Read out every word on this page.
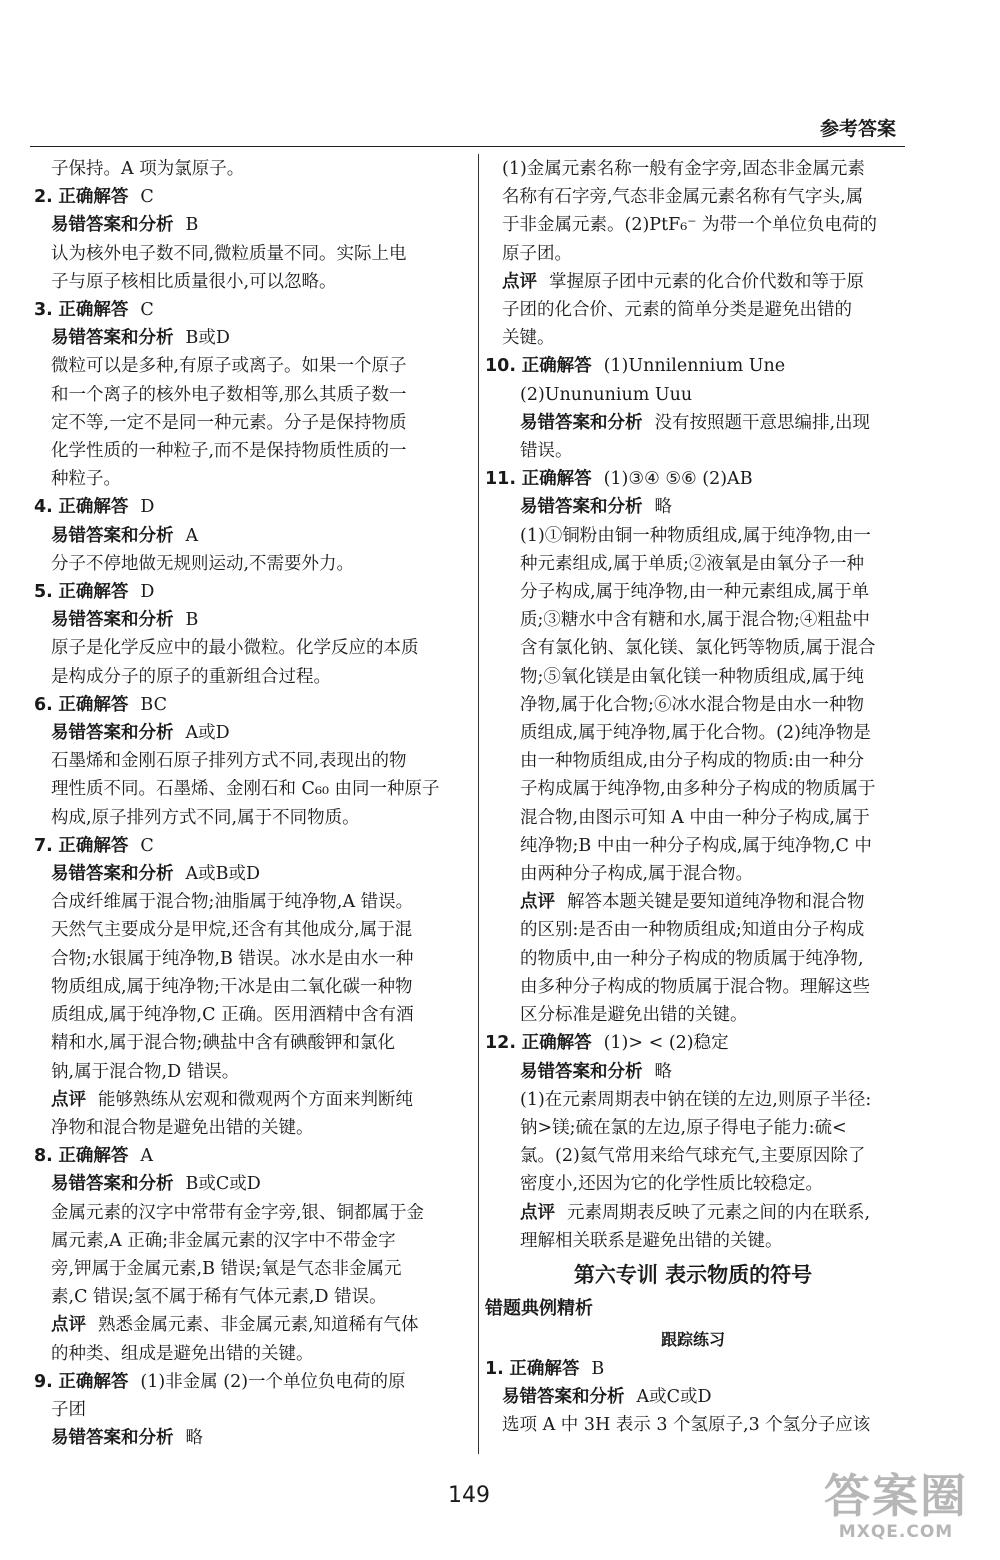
参考答案
子保持。A 项为氯原子。
2. 正确解答 C
易错答案和分析 B
认为核外电子数不同,微粒质量不同。实际上电
子与原子核相比质量很小,可以忽略。
3. 正确解答 C
易错答案和分析 B或D
微粒可以是多种,有原子或离子。如果一个原子
和一个离子的核外电子数相等,那么其质子数一
定不等,一定不是同一种元素。分子是保持物质
化学性质的一种粒子,而不是保持物质性质的一
种粒子。
4. 正确解答 D
易错答案和分析 A
分子不停地做无规则运动,不需要外力。
5. 正确解答 D
易错答案和分析 B
原子是化学反应中的最小微粒。化学反应的本质
是构成分子的原子的重新组合过程。
6. 正确解答 BC
易错答案和分析 A或D
石墨烯和金刚石原子排列方式不同,表现出的物
理性质不同。石墨烯、金刚石和 C₆₀ 由同一种原子
构成,原子排列方式不同,属于不同物质。
7. 正确解答 C
易错答案和分析 A或B或D
合成纤维属于混合物;油脂属于纯净物,A 错误。
天然气主要成分是甲烷,还含有其他成分,属于混
合物;水银属于纯净物,B 错误。冰水是由水一种
物质组成,属于纯净物;干冰是由二氧化碳一种物
质组成,属于纯净物,C 正确。医用酒精中含有酒
精和水,属于混合物;碘盐中含有碘酸钾和氯化
钠,属于混合物,D 错误。
点评 能够熟练从宏观和微观两个方面来判断纯
净物和混合物是避免出错的关键。
8. 正确解答 A
易错答案和分析 B或C或D
金属元素的汉字中常带有金字旁,银、铜都属于金
属元素,A 正确;非金属元素的汉字中不带金字
旁,钾属于金属元素,B 错误;氧是气态非金属元
素,C 错误;氢不属于稀有气体元素,D 错误。
点评 熟悉金属元素、非金属元素,知道稀有气体
的种类、组成是避免出错的关键。
9. 正确解答 (1)非金属 (2)一个单位负电荷的原
子团
易错答案和分析 略
(1)金属元素名称一般有金字旁,固态非金属元素
名称有石字旁,气态非金属元素名称有气字头,属
于非金属元素。(2)PtF₆⁻ 为带一个单位负电荷的
原子团。
点评 掌握原子团中元素的化合价代数和等于原
子团的化合价、元素的简单分类是避免出错的
关键。
10. 正确解答 (1)Unnilennium Une
(2)Unununium Uuu
易错答案和分析 没有按照题干意思编排,出现
错误。
11. 正确解答 (1)③④ ⑤⑥ (2)AB
易错答案和分析 略
(1)①铜粉由铜一种物质组成,属于纯净物,由一
种元素组成,属于单质;②液氧是由氧分子一种
分子构成,属于纯净物,由一种元素组成,属于单
质;③糖水中含有糖和水,属于混合物;④粗盐中
含有氯化钠、氯化镁、氯化钙等物质,属于混合
物;⑤氧化镁是由氧化镁一种物质组成,属于纯
净物,属于化合物;⑥冰水混合物是由水一种物
质组成,属于纯净物,属于化合物。(2)纯净物是
由一种物质组成,由分子构成的物质:由一种分
子构成属于纯净物,由多种分子构成的物质属于
混合物,由图示可知 A 中由一种分子构成,属于
纯净物;B 中由一种分子构成,属于纯净物,C 中
由两种分子构成,属于混合物。
点评 解答本题关键是要知道纯净物和混合物
的区别:是否由一种物质组成;知道由分子构成
的物质中,由一种分子构成的物质属于纯净物,
由多种分子构成的物质属于混合物。理解这些
区分标准是避免出错的关键。
12. 正确解答 (1)> < (2)稳定
易错答案和分析 略
(1)在元素周期表中钠在镁的左边,则原子半径:
钠>镁;硫在氯的左边,原子得电子能力:硫<
氯。(2)氦气常用来给气球充气,主要原因除了
密度小,还因为它的化学性质比较稳定。
点评 元素周期表反映了元素之间的内在联系,
理解相关联系是避免出错的关键。
第六专训 表示物质的符号
错题典例精析
跟踪练习
1. 正确解答 B
易错答案和分析 A或C或D
选项 A 中 3H 表示 3 个氢原子,3 个氢分子应该
149	答案圈
MXQE.COM
